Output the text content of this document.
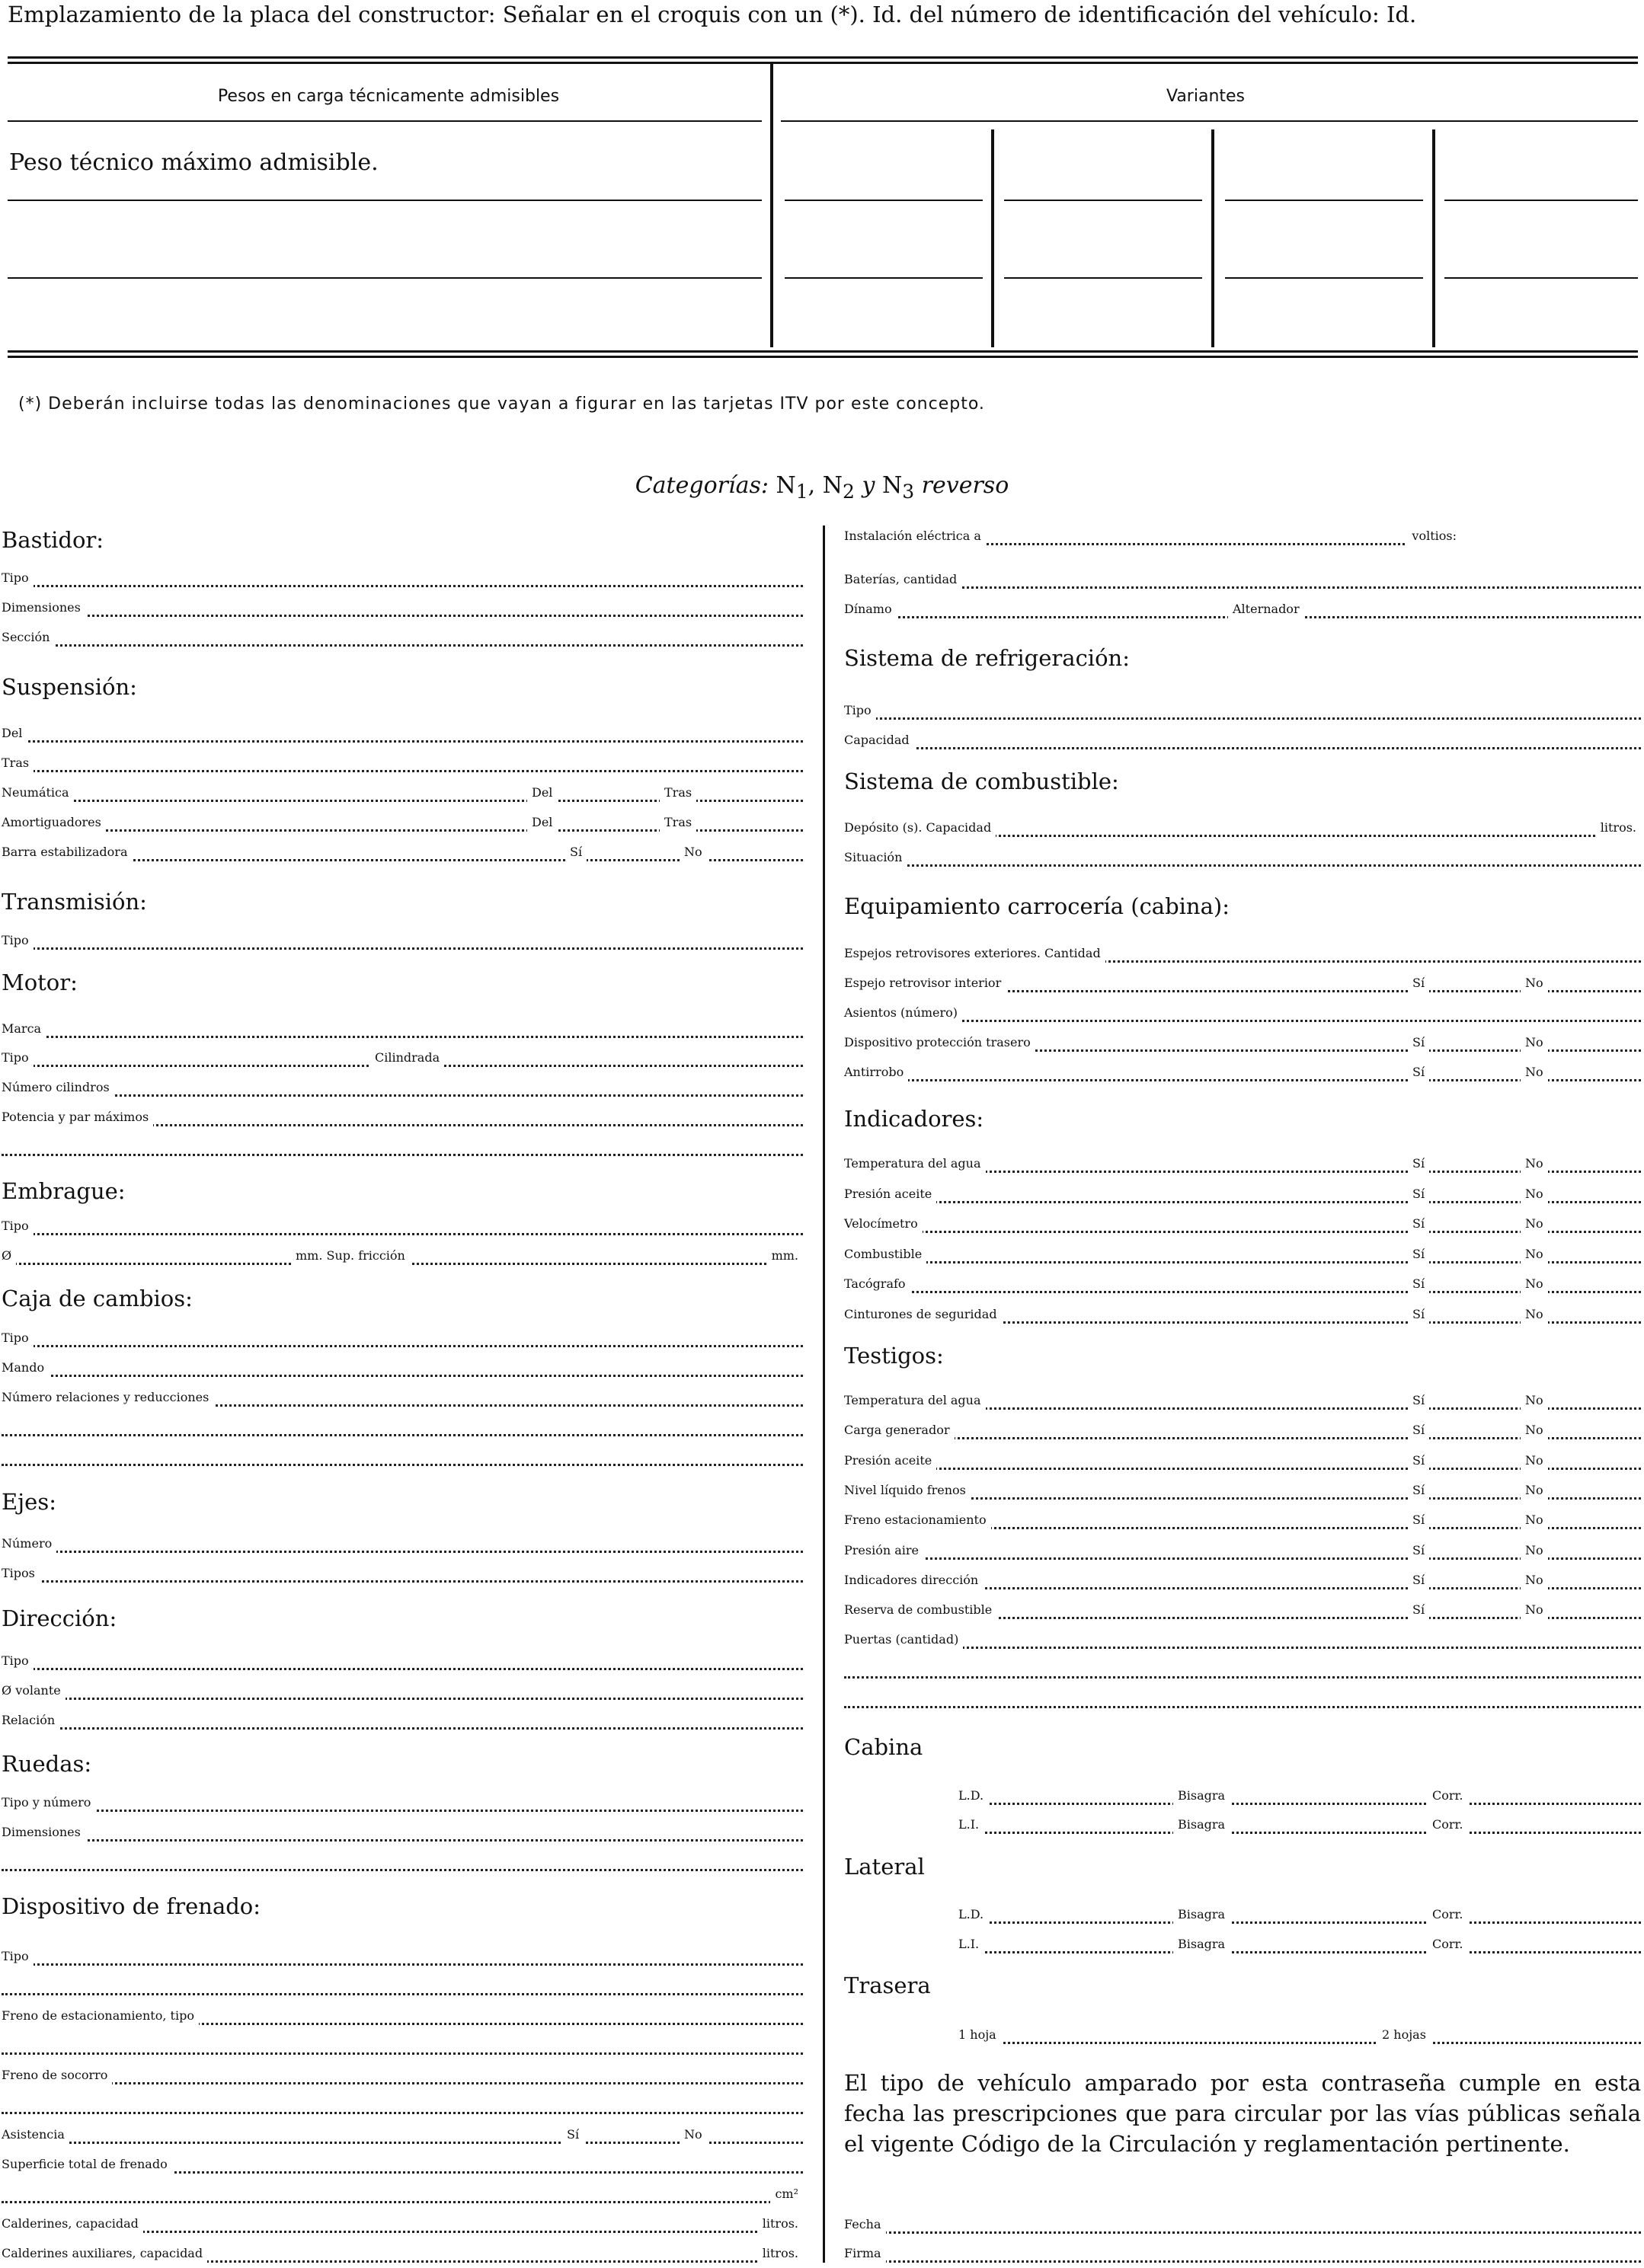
Emplazamiento de la placa del constructor: Señalar en el croquis con un (*). Id. del número de identificación del vehículo: Id.
Pesos en carga técnicamente admisibles	Variantes
Peso técnico máximo admisible.
(*) Deberán incluirse todas las denominaciones que vayan a figurar en las tarjetas ITV por este concepto.
Categorías: $N_1$, $N_2$ y $N_3$ reverso
Bastidor:
Tipo
Dimensiones
Sección
Suspensión:
Del
Tras
Neumática	Del	Tras
Amortiguadores	Del	Tras
Barra estabilizadora	Sí	No
Transmisión:
Tipo
Motor:
Marca
Tipo	Cilindrada
Número cilindros
Potencia y par máximos
Embrague:
Tipo
Ø	mm. Sup. fricción	mm.
Caja de cambios:
Tipo
Mando
Número relaciones y reducciones
Ejes:
Número
Tipos
Dirección:
Tipo
Ø volante
Relación
Ruedas:
Tipo y número
Dimensiones
Dispositivo de frenado:
Tipo
Freno de estacionamiento, tipo
Freno de socorro
Asistencia	Sí	No
Superficie total de frenado
cm²
Calderines, capacidad	litros.
Calderines auxiliares, capacidad	litros.
Instalación eléctrica a	voltios:
Baterías, cantidad
Dínamo	Alternador
Sistema de refrigeración:
Tipo
Capacidad
Sistema de combustible:
Depósito (s). Capacidad	litros.
Situación
Equipamiento carrocería (cabina):
Espejos retrovisores exteriores. Cantidad
Espejo retrovisor interior	Sí	No
Asientos (número)
Dispositivo protección trasero	Sí	No
Antirrobo	Sí	No
Indicadores:
Temperatura del agua	Sí	No
Presión aceite	Sí	No
Velocímetro	Sí	No
Combustible	Sí	No
Tacógrafo	Sí	No
Cinturones de seguridad	Sí	No
Testigos:
Temperatura del agua	Sí	No
Carga generador	Sí	No
Presión aceite	Sí	No
Nivel líquido frenos	Sí	No
Freno estacionamiento	Sí	No
Presión aire	Sí	No
Indicadores dirección	Sí	No
Reserva de combustible	Sí	No
Puertas (cantidad)
Cabina
L.D.	Bisagra	Corr.
L.I.	Bisagra	Corr.
Lateral
L.D.	Bisagra	Corr.
L.I.	Bisagra	Corr.
Trasera
1 hoja	2 hojas
Fecha
Firma
El tipo de vehículo amparado por esta contraseña cumple en esta fecha las prescripciones que para circular por las vías públicas señala el vigente Código de la Circulación y reglamentación pertinente.
